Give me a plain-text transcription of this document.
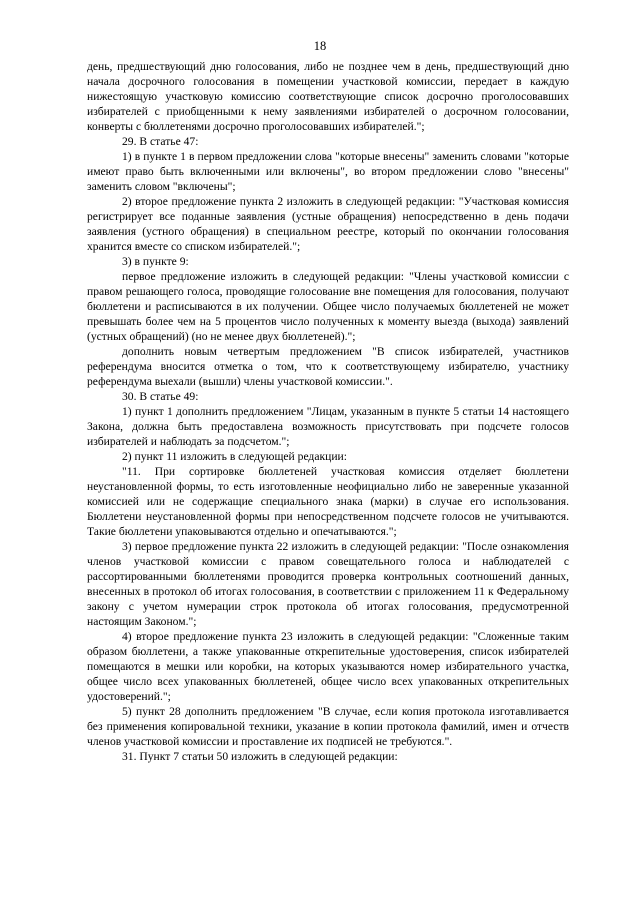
18

день, предшествующий дню голосования, либо не позднее чем в день, предшествующий дню начала досрочного голосования в помещении участковой комиссии, передает в каждую нижестоящую участковую комиссию соответствующие список досрочно проголосовавших избирателей с приобщенными к нему заявлениями избирателей о досрочном голосовании, конверты с бюллетенями досрочно проголосовавших избирателей.";

29. В статье 47:

1) в пункте 1 в первом предложении слова "которые внесены" заменить словами "которые имеют право быть включенными или включены", во втором предложении слово "внесены" заменить словом "включены";

2) второе предложение пункта 2 изложить в следующей редакции: "Участковая комиссия регистрирует все поданные заявления (устные обращения) непосредственно в день подачи заявления (устного обращения) в специальном реестре, который по окончании голосования хранится вместе со списком избирателей.";

3) в пункте 9:

первое предложение изложить в следующей редакции: "Члены участковой комиссии с правом решающего голоса, проводящие голосование вне помещения для голосования, получают бюллетени и расписываются в их получении. Общее число получаемых бюллетеней не может превышать более чем на 5 процентов число полученных к моменту выезда (выхода) заявлений (устных обращений) (но не менее двух бюллетеней).";

дополнить новым четвертым предложением "В список избирателей, участников референдума вносится отметка о том, что к соответствующему избирателю, участнику референдума выехали (вышли) члены участковой комиссии.".

30. В статье 49:

1) пункт 1 дополнить предложением "Лицам, указанным в пункте 5 статьи 14 настоящего Закона, должна быть предоставлена возможность присутствовать при подсчете голосов избирателей и наблюдать за подсчетом.";

2) пункт 11 изложить в следующей редакции:

"11. При сортировке бюллетеней участковая комиссия отделяет бюллетени неустановленной формы, то есть изготовленные неофициально либо не заверенные указанной комиссией или не содержащие специального знака (марки) в случае его использования. Бюллетени неустановленной формы при непосредственном подсчете голосов не учитываются. Такие бюллетени упаковываются отдельно и опечатываются.";

3) первое предложение пункта 22 изложить в следующей редакции: "После ознакомления членов участковой комиссии с правом совещательного голоса и наблюдателей с рассортированными бюллетенями проводится проверка контрольных соотношений данных, внесенных в протокол об итогах голосования, в соответствии с приложением 11 к Федеральному закону с учетом нумерации строк протокола об итогах голосования, предусмотренной настоящим Законом.";

4) второе предложение пункта 23 изложить в следующей редакции: "Сложенные таким образом бюллетени, а также упакованные открепительные удостоверения, список избирателей помещаются в мешки или коробки, на которых указываются номер избирательного участка, общее число всех упакованных бюллетеней, общее число всех упакованных открепительных удостоверений.";

5) пункт 28 дополнить предложением "В случае, если копия протокола изготавливается без применения копировальной техники, указание в копии протокола фамилий, имен и отчеств членов участковой комиссии и проставление их подписей не требуются.".

31. Пункт 7 статьи 50 изложить в следующей редакции:
